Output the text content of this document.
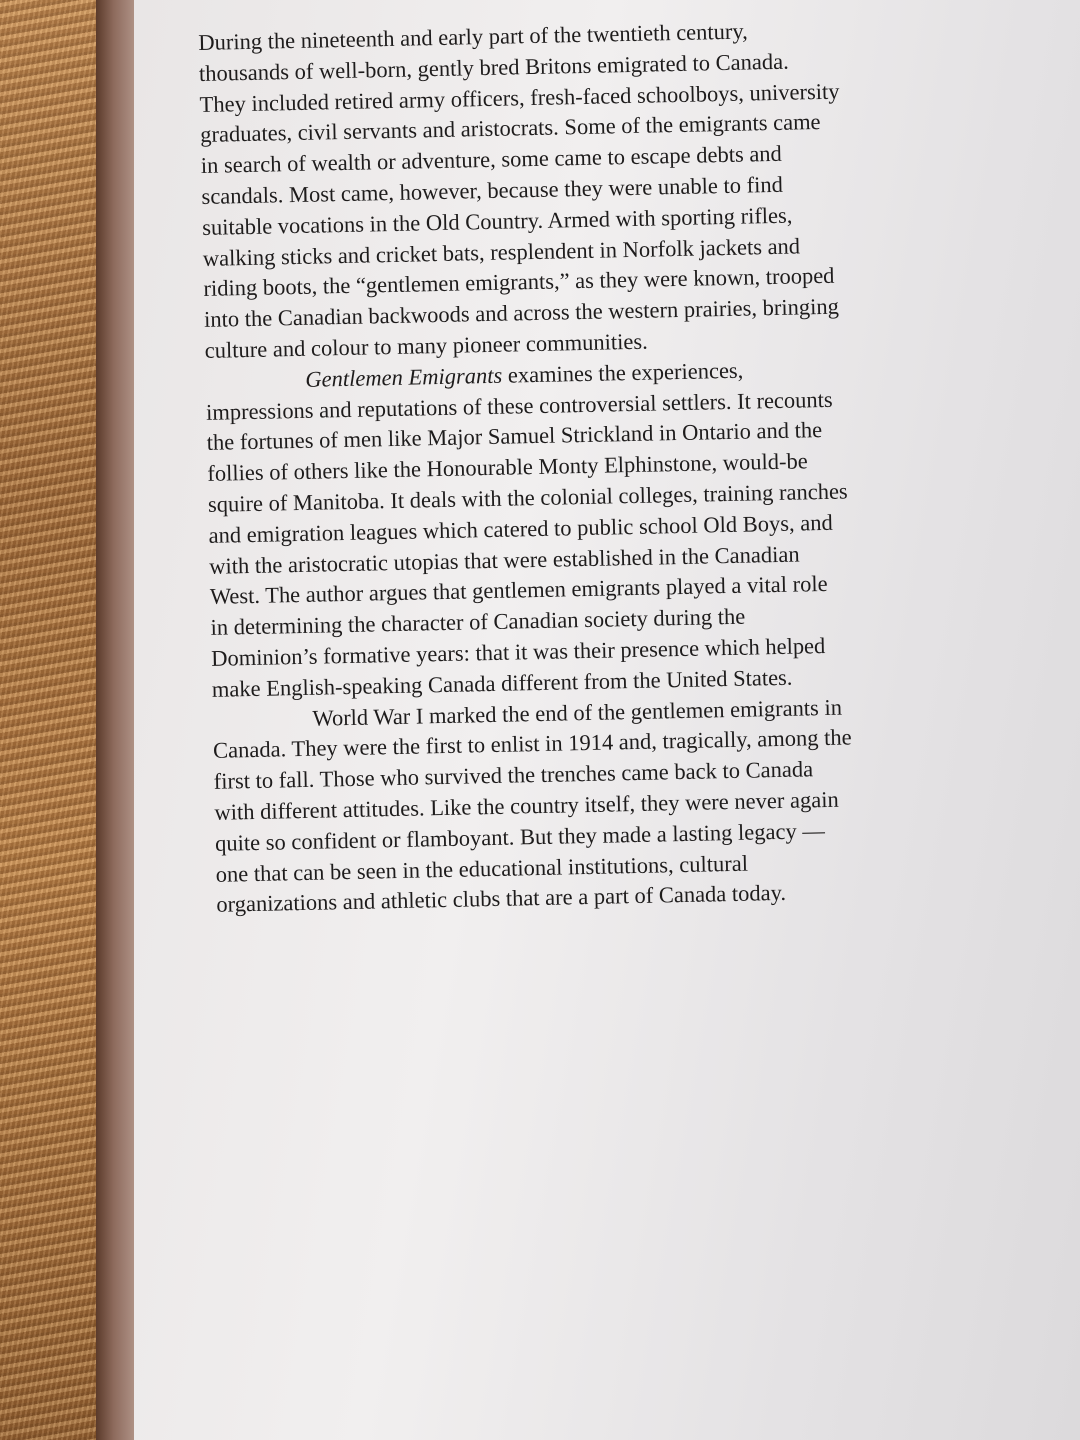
During the nineteenth and early part of the twentieth century, thousands of well-born, gently bred Britons emigrated to Canada. They included retired army officers, fresh-faced schoolboys, university graduates, civil servants and aristocrats. Some of the emigrants came in search of wealth or adventure, some came to escape debts and scandals. Most came, however, because they were unable to find suitable vocations in the Old Country. Armed with sporting rifles, walking sticks and cricket bats, resplendent in Norfolk jackets and riding boots, the “gentlemen emigrants,” as they were known, trooped into the Canadian backwoods and across the western prairies, bringing culture and colour to many pioneer communities.

Gentlemen Emigrants examines the experiences, impressions and reputations of these controversial settlers. It recounts the fortunes of men like Major Samuel Strickland in Ontario and the follies of others like the Honourable Monty Elphinstone, would-be squire of Manitoba. It deals with the colonial colleges, training ranches and emigration leagues which catered to public school Old Boys, and with the aristocratic utopias that were established in the Canadian West. The author argues that gentlemen emigrants played a vital role in determining the character of Canadian society during the Dominion’s formative years: that it was their presence which helped make English-speaking Canada different from the United States.

World War I marked the end of the gentlemen emigrants in Canada. They were the first to enlist in 1914 and, tragically, among the first to fall. Those who survived the trenches came back to Canada with different attitudes. Like the country itself, they were never again quite so confident or flamboyant. But they made a lasting legacy — one that can be seen in the educational institutions, cultural organizations and athletic clubs that are a part of Canada today.
